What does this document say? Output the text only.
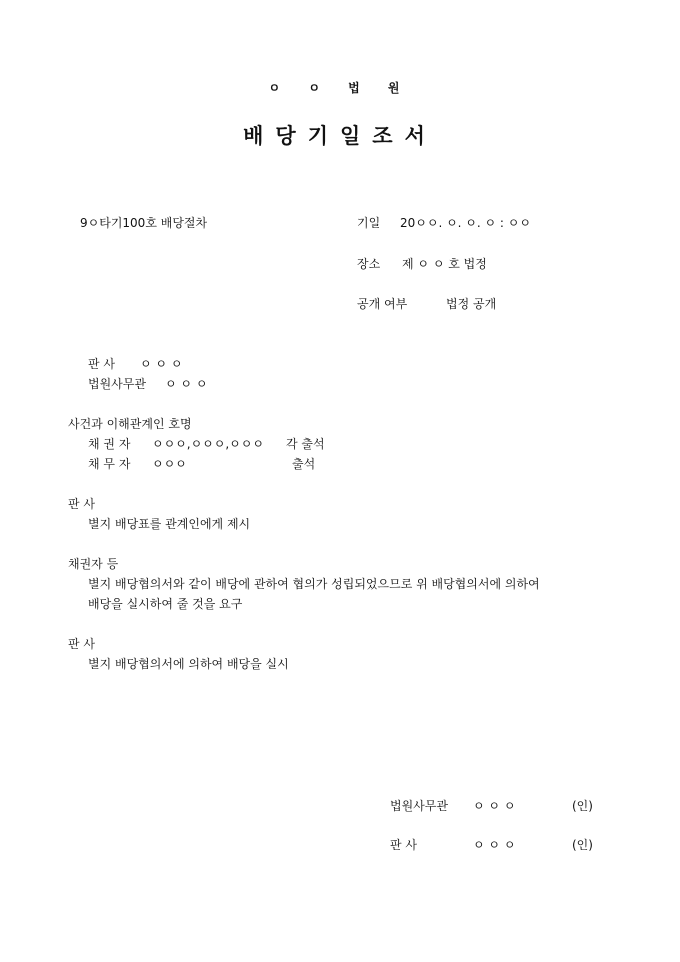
ㅇ ㅇ 법 원
배당기일조서
9ㅇ타기100호 배당절차	기일 20ㅇㅇ. ㅇ. ㅇ. ㅇ : ㅇㅇ
장소 제 ㅇ ㅇ 호 법정
공개 여부	법정 공개
판 사 ㅇ ㅇ ㅇ
법원사무관 ㅇ ㅇ ㅇ
사건과 이해관계인 호명
채 권 자 ㅇㅇㅇ,ㅇㅇㅇ,ㅇㅇㅇ 각 출석
채 무 자 ㅇㅇㅇ	출석
판 사
별지 배당표를 관계인에게 제시
채권자 등
별지 배당협의서와 같이 배당에 관하여 협의가 성립되었으므로 위 배당협의서에 의하여
배당을 실시하여 줄 것을 요구
판 사
별지 배당협의서에 의하여 배당을 실시
법원사무관 ㅇ ㅇ ㅇ	(인)
판 사	ㅇ ㅇ ㅇ	(인)
